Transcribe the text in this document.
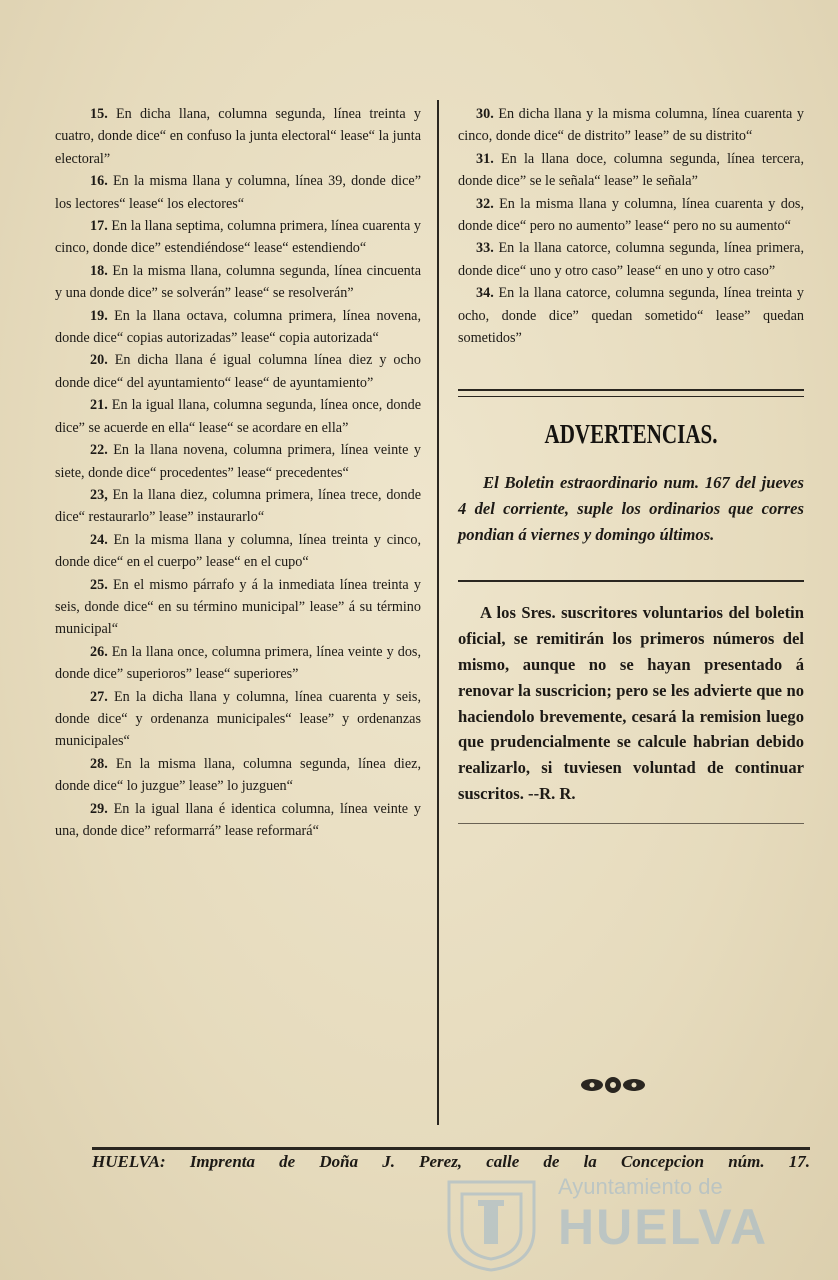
15. En dicha llana, columna segunda, línea treinta y cuatro, donde dice“ en confuso la junta electoral“ lease“ la junta electoral”

16. En la misma llana y columna, línea 39, donde dice” los lectores“ lease“ los electores“

17. En la llana septima, columna primera, línea cuarenta y cinco, donde dice” estendiéndose“ lease“ estendiendo“

18. En la misma llana, columna segunda, línea cincuenta y una donde dice” se solverán” lease“ se resolverán”

19. En la llana octava, columna primera, línea novena, donde dice“ copias autorizadas” lease“ copia autorizada“

20. En dicha llana é igual columna línea diez y ocho donde dice“ del ayuntamiento“ lease“ de ayuntamiento”

21. En la igual llana, columna segunda, línea once, donde dice” se acuerde en ella“ lease“ se acordare en ella”

22. En la llana novena, columna primera, línea veinte y siete, donde dice“ procedentes” lease“ precedentes“

23, En la llana diez, columna primera, línea trece, donde dice“ restaurarlo” lease” instaurarlo“

24. En la misma llana y columna, línea treinta y cinco, donde dice“ en el cuerpo” lease“ en el cupo“

25. En el mismo párrafo y á la inmediata línea treinta y seis, donde dice“ en su término municipal” lease” á su término municipal“

26. En la llana once, columna primera, línea veinte y dos, donde dice” superioros” lease“ superiores”

27. En la dicha llana y columna, línea cuarenta y seis, donde dice“ y ordenanza municipales“ lease” y ordenanzas municipales“

28. En la misma llana, columna segunda, línea diez, donde dice“ lo juzgue” lease” lo juzguen“

29. En la igual llana é identica columna, línea veinte y una, donde dice” reformarrá” lease reformará“

30. En dicha llana y la misma columna, línea cuarenta y cinco, donde dice“ de distrito” lease” de su distrito“

31. En la llana doce, columna segunda, línea tercera, donde dice” se le señala“ lease” le señala”

32. En la misma llana y columna, línea cuarenta y dos, donde dice“ pero no aumento” lease“ pero no su aumento“

33. En la llana catorce, columna segunda, línea primera, donde dice“ uno y otro caso” lease“ en uno y otro caso”

34. En la llana catorce, columna segunda, línea treinta y ocho, donde dice” quedan sometido“ lease” quedan sometidos”

ADVERTENCIAS.

El Boletin estraordinario num. 167 del jueves 4 del corriente, suple los ordinarios que corres pondian á viernes y domingo últimos.

A los Sres. suscritores voluntarios del boletin oficial, se remitirán los primeros números del mismo, aunque no se hayan presentado á renovar la suscricion; pero se les advierte que no haciendolo brevemente, cesará la remision luego que prudencialmente se calcule habrian debido realizarlo, si tuviesen voluntad de continuar suscritos. --R. R.

HUELVA: Imprenta de Doña J. Perez, calle de la Concepcion núm. 17.
Ayuntamiento de
HUELVA
